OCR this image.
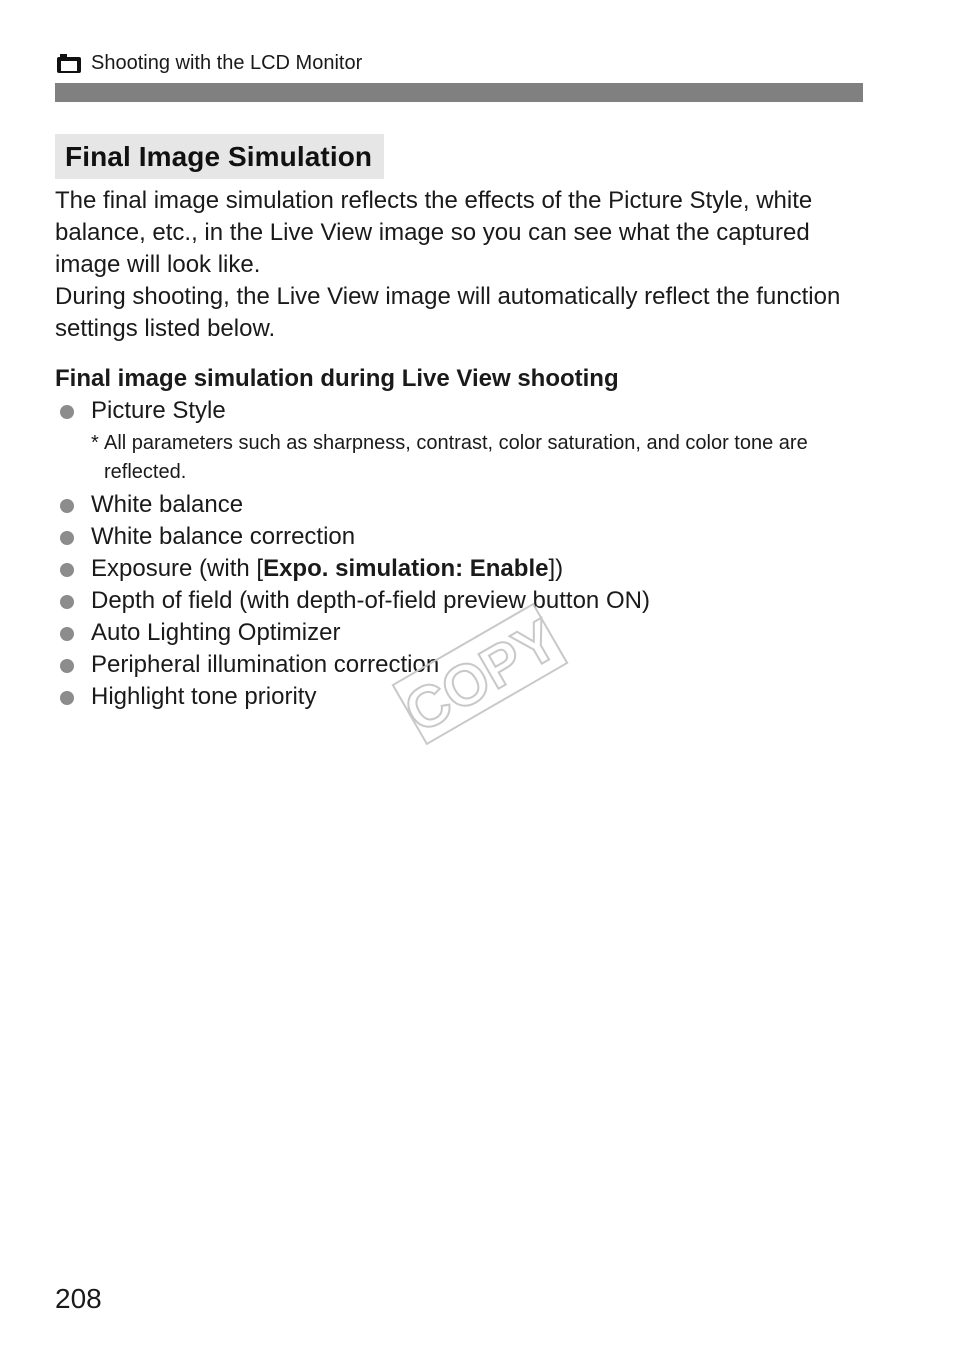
Shooting with the LCD Monitor
Final Image Simulation

The final image simulation reflects the effects of the Picture Style, white balance, etc., in the Live View image so you can see what the captured image will look like.

During shooting, the Live View image will automatically reflect the function settings listed below.

Final image simulation during Live View shooting

Picture Style
* All parameters such as sharpness, contrast, color saturation, and color tone are reflected.
White balance
White balance correction
Exposure (with [Expo. simulation: Enable])
Depth of field (with depth-of-field preview button ON)
Auto Lighting Optimizer
Peripheral illumination correction
Highlight tone priority	COPY
208
